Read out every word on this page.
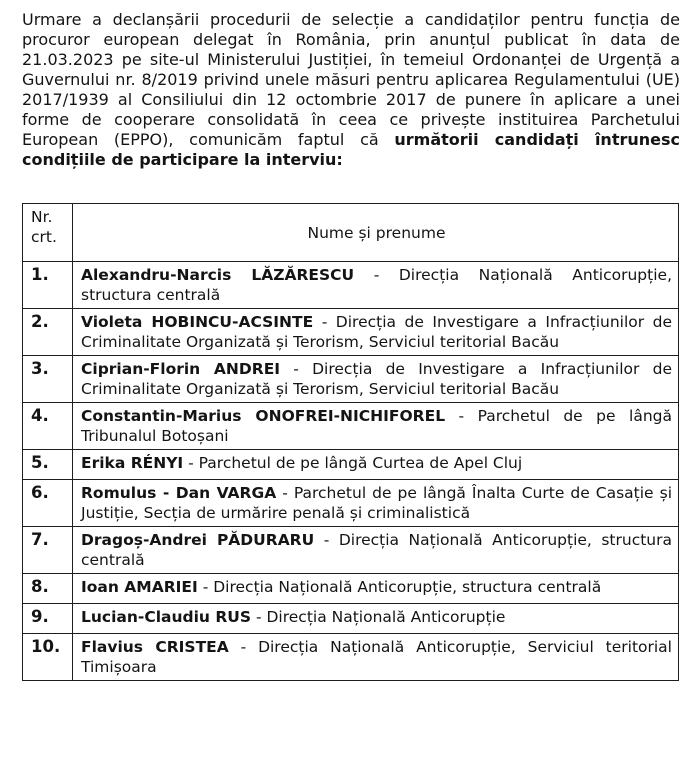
Urmare a declanșării procedurii de selecție a candidaților pentru funcția de procuror european delegat în România, prin anunțul publicat în data de 21.03.2023 pe site-ul Ministerului Justiției, în temeiul Ordonanței de Urgență a Guvernului nr. 8/2019 privind unele măsuri pentru aplicarea Regulamentului (UE) 2017/1939 al Consiliului din 12 octombrie 2017 de punere în aplicare a unei forme de cooperare consolidată în ceea ce privește instituirea Parchetului European (EPPO), comunicăm faptul că următorii candidați întrunesc condițiile de participare la interviu:

Nr. crt.	Nume și prenume
1.	Alexandru-Narcis LĂZĂRESCU - Direcția Națională Anticorupție, structura centrală
2.	Violeta HOBINCU-ACSINTE - Direcția de Investigare a Infracțiunilor de Criminalitate Organizată și Terorism, Serviciul teritorial Bacău
3.	Ciprian-Florin ANDREI - Direcția de Investigare a Infracțiunilor de Criminalitate Organizată și Terorism, Serviciul teritorial Bacău
4.	Constantin-Marius ONOFREI-NICHIFOREL - Parchetul de pe lângă Tribunalul Botoșani
5.	Erika RÉNYI - Parchetul de pe lângă Curtea de Apel Cluj
6.	Romulus - Dan VARGA - Parchetul de pe lângă Înalta Curte de Casație și Justiție, Secția de urmărire penală și criminalistică
7.	Dragoș-Andrei PĂDURARU - Direcția Națională Anticorupție, structura centrală
8.	Ioan AMARIEI - Direcția Națională Anticorupție, structura centrală
9.	Lucian-Claudiu RUS - Direcția Națională Anticorupție
10.	Flavius CRISTEA - Direcția Națională Anticorupție, Serviciul teritorial Timișoara
